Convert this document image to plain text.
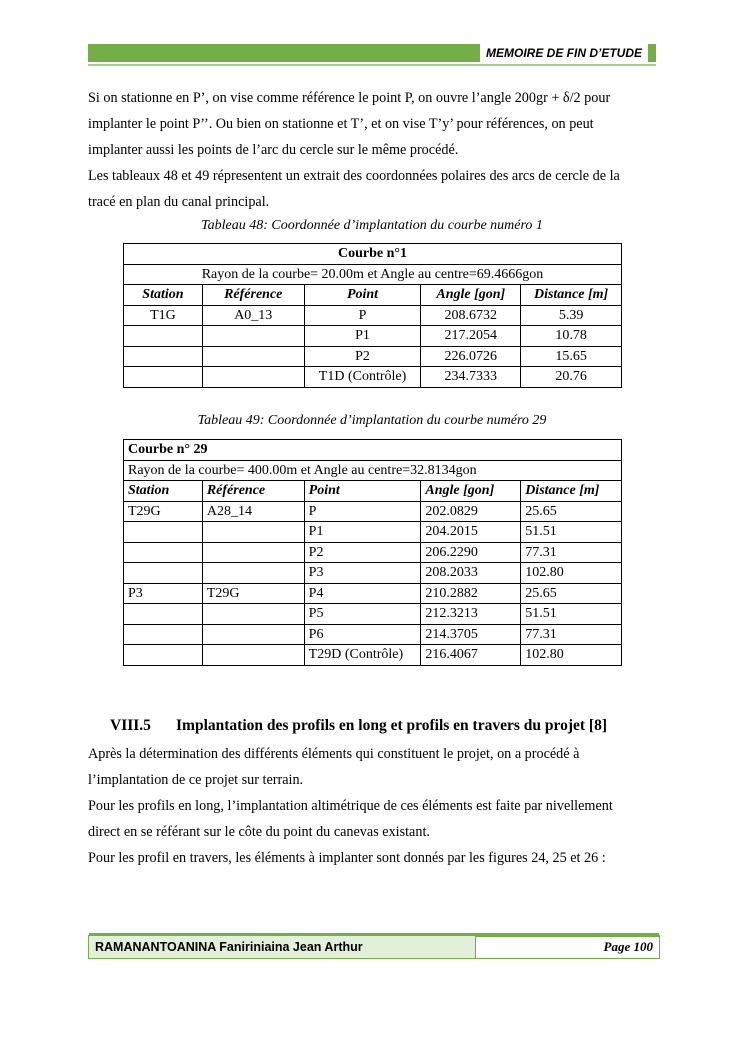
MEMOIRE DE FIN D’ETUDE
Si on stationne en P’, on vise comme référence le point P, on ouvre l’angle 200gr + δ/2 pour
implanter le point P’’. Ou bien on stationne et T’, et on vise T’y’ pour références, on peut
implanter aussi les points de l’arc du cercle sur le même procédé.
Les tableaux 48 et 49 répresentent un extrait des coordonnées polaires des arcs de cercle de la
tracé en plan du canal principal.
Tableau 48: Coordonnée d’implantation du courbe numéro 1
Courbe n°1				
Rayon de la courbe= 20.00m et Angle au centre=69.4666gon				
Station	Référence	Point	Angle [gon]	Distance [m]
T1G	A0_13	P	208.6732	5.39
		P1	217.2054	10.78
		P2	226.0726	15.65
		T1D (Contrôle)	234.7333	20.76
Tableau 49: Coordonnée d’implantation du courbe numéro 29
Courbe n° 29				
Rayon de la courbe= 400.00m et Angle au centre=32.8134gon				
Station	Référence	Point	Angle [gon]	Distance [m]
T29G	A28_14	P	202.0829	25.65
		P1	204.2015	51.51
		P2	206.2290	77.31
		P3	208.2033	102.80
P3	T29G	P4	210.2882	25.65
		P5	212.3213	51.51
		P6	214.3705	77.31
		T29D (Contrôle)	216.4067	102.80
VIII.5 Implantation des profils en long et profils en travers du projet [8]
Après la détermination des différents éléments qui constituent le projet, on a procédé à
l’implantation de ce projet sur terrain.
Pour les profils en long, l’implantation altimétrique de ces éléments est faite par nivellement
direct en se référant sur le côte du point du canevas existant.
Pour les profil en travers, les éléments à implanter sont donnés par les figures 24, 25 et 26 :
RAMANANTOANINA Faniriniaina Jean Arthur	Page 100
